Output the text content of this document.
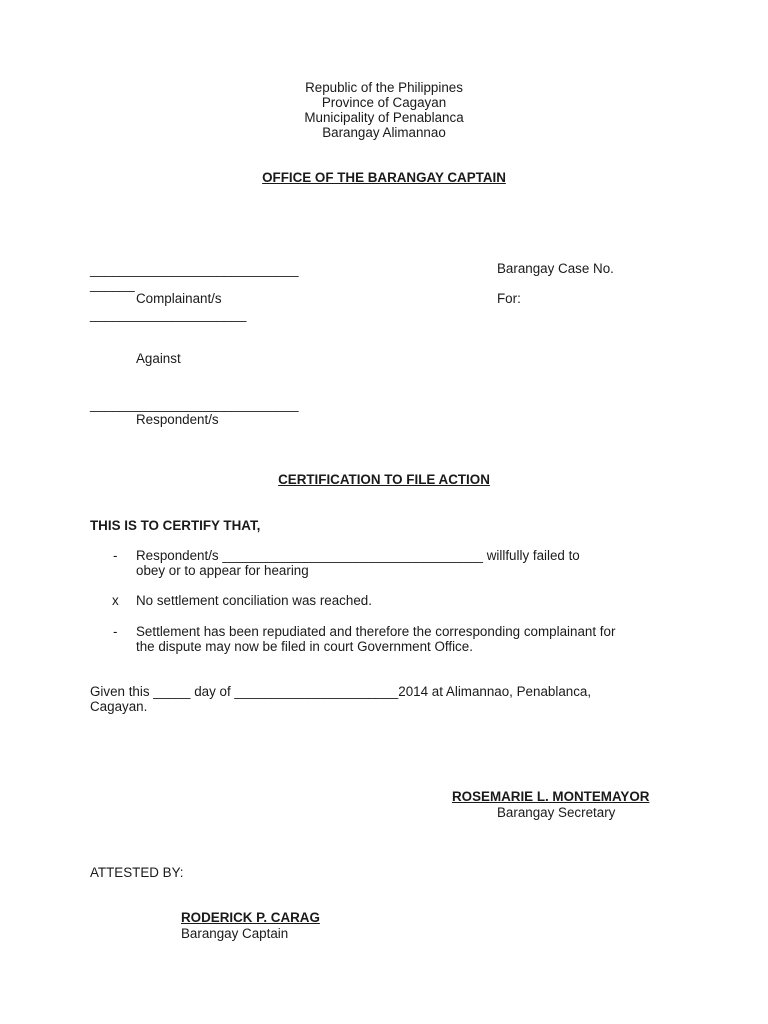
Republic of the Philippines
Province of Cagayan
Municipality of Penablanca
Barangay Alimannao
OFFICE OF THE BARANGAY CAPTAIN
____________________________
______
Complainant/s
_____________________
Barangay Case No.
For:
Against
____________________________
Respondent/s
CERTIFICATION TO FILE ACTION
THIS IS TO CERTIFY THAT,
- Respondent/s ___________________________________ willfully failed to
obey or to appear for hearing
x No settlement conciliation was reached.
- Settlement has been repudiated and therefore the corresponding complainant for
the dispute may now be filed in court Government Office.
Given this _____ day of ______________________2014 at Alimannao, Penablanca,
Cagayan.
ROSEMARIE L. MONTEMAYOR
Barangay Secretary
ATTESTED BY:
RODERICK P. CARAG
Barangay Captain
